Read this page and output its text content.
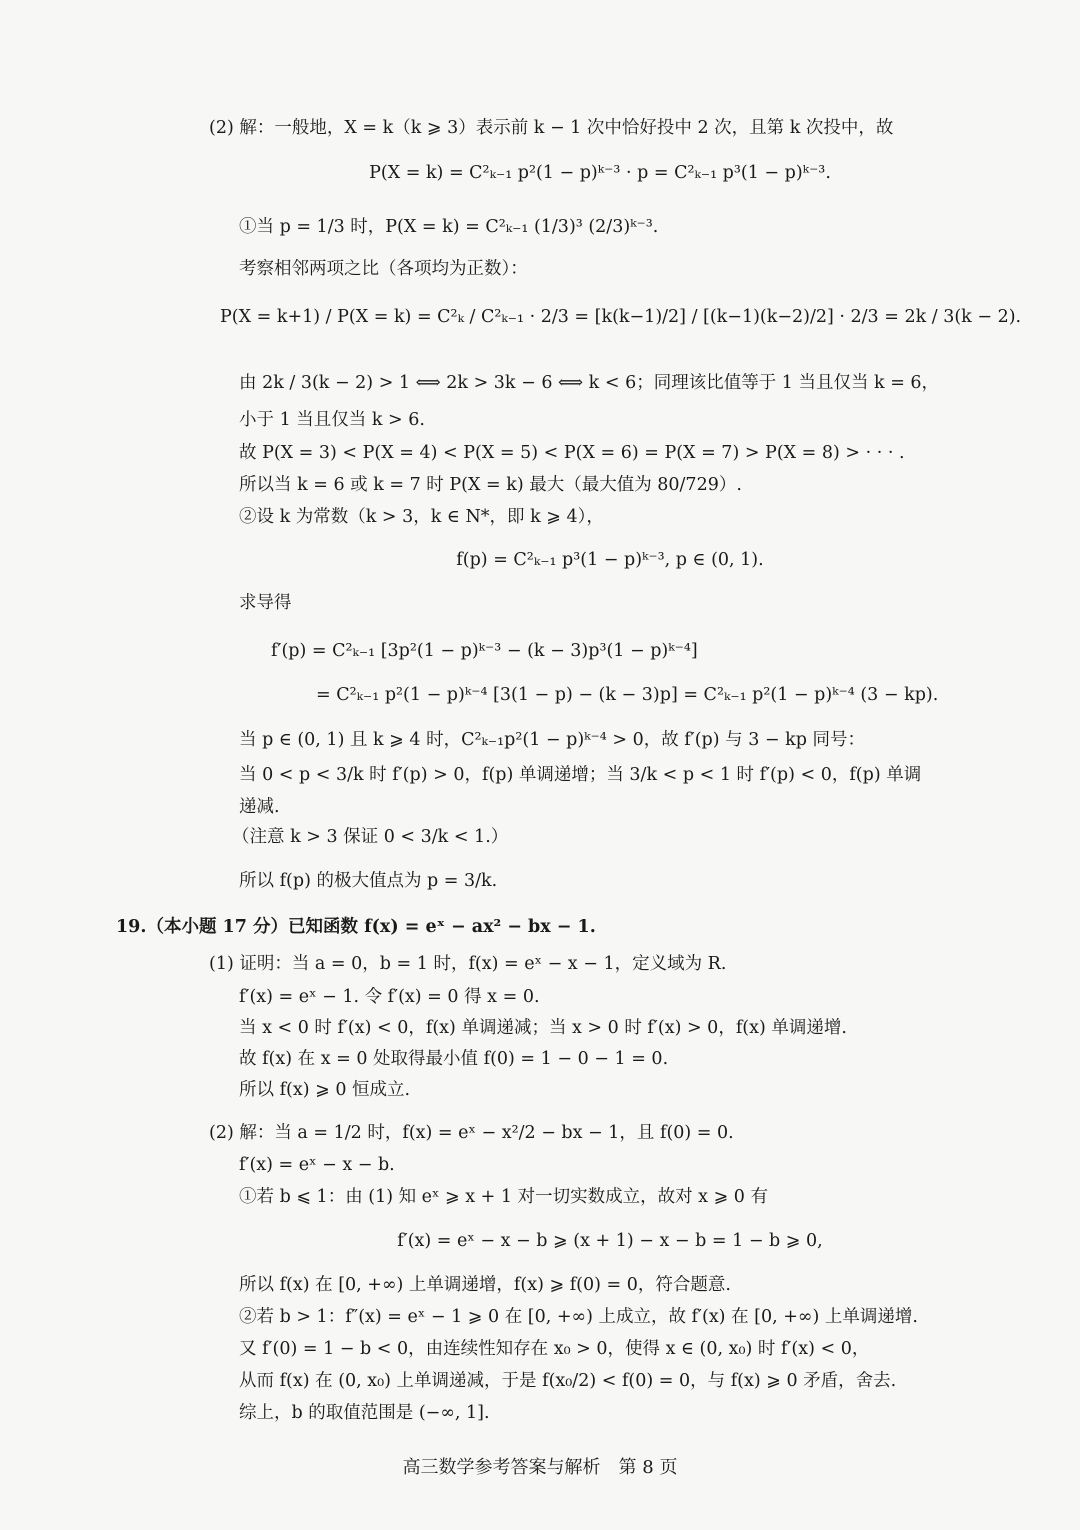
(2) 解：一般地，X = k（k ⩾ 3）表示前 k − 1 次中恰好投中 2 次，且第 k 次投中，故
P(X = k) = C²ₖ₋₁ p²(1 − p)ᵏ⁻³ · p = C²ₖ₋₁ p³(1 − p)ᵏ⁻³.
①当 p = 1/3 时，P(X = k) = C²ₖ₋₁ (1/3)³ (2/3)ᵏ⁻³.
考察相邻两项之比（各项均为正数）：
P(X = k+1) / P(X = k) = C²ₖ / C²ₖ₋₁ · 2/3 = [k(k−1)/2] / [(k−1)(k−2)/2] · 2/3 = 2k / 3(k − 2).
由 2k / 3(k − 2) > 1 ⟺ 2k > 3k − 6 ⟺ k < 6；同理该比值等于 1 当且仅当 k = 6，
小于 1 当且仅当 k > 6.
故 P(X = 3) < P(X = 4) < P(X = 5) < P(X = 6) = P(X = 7) > P(X = 8) > · · · .
所以当 k = 6 或 k = 7 时 P(X = k) 最大（最大值为 80/729）.
②设 k 为常数（k > 3，k ∈ N*，即 k ⩾ 4），
f(p) = C²ₖ₋₁ p³(1 − p)ᵏ⁻³, p ∈ (0, 1).
求导得
f′(p) = C²ₖ₋₁ [3p²(1 − p)ᵏ⁻³ − (k − 3)p³(1 − p)ᵏ⁻⁴]
= C²ₖ₋₁ p²(1 − p)ᵏ⁻⁴ [3(1 − p) − (k − 3)p] = C²ₖ₋₁ p²(1 − p)ᵏ⁻⁴ (3 − kp).
当 p ∈ (0, 1) 且 k ⩾ 4 时，C²ₖ₋₁p²(1 − p)ᵏ⁻⁴ > 0，故 f′(p) 与 3 − kp 同号：
当 0 < p < 3/k 时 f′(p) > 0，f(p) 单调递增；当 3/k < p < 1 时 f′(p) < 0，f(p) 单调
递减.
（注意 k > 3 保证 0 < 3/k < 1.）
所以 f(p) 的极大值点为 p = 3/k.
19.（本小题 17 分）已知函数 f(x) = eˣ − ax² − bx − 1.
(1) 证明：当 a = 0，b = 1 时，f(x) = eˣ − x − 1，定义域为 R.
f′(x) = eˣ − 1. 令 f′(x) = 0 得 x = 0.
当 x < 0 时 f′(x) < 0，f(x) 单调递减；当 x > 0 时 f′(x) > 0，f(x) 单调递增.
故 f(x) 在 x = 0 处取得最小值 f(0) = 1 − 0 − 1 = 0.
所以 f(x) ⩾ 0 恒成立.
(2) 解：当 a = 1/2 时，f(x) = eˣ − x²/2 − bx − 1，且 f(0) = 0.
f′(x) = eˣ − x − b.
①若 b ⩽ 1：由 (1) 知 eˣ ⩾ x + 1 对一切实数成立，故对 x ⩾ 0 有
f′(x) = eˣ − x − b ⩾ (x + 1) − x − b = 1 − b ⩾ 0,
所以 f(x) 在 [0, +∞) 上单调递增，f(x) ⩾ f(0) = 0，符合题意.
②若 b > 1：f″(x) = eˣ − 1 ⩾ 0 在 [0, +∞) 上成立，故 f′(x) 在 [0, +∞) 上单调递增.
又 f′(0) = 1 − b < 0，由连续性知存在 x₀ > 0，使得 x ∈ (0, x₀) 时 f′(x) < 0，
从而 f(x) 在 (0, x₀) 上单调递减，于是 f(x₀/2) < f(0) = 0，与 f(x) ⩾ 0 矛盾，舍去.
综上，b 的取值范围是 (−∞, 1].
高三数学参考答案与解析　第 8 页
